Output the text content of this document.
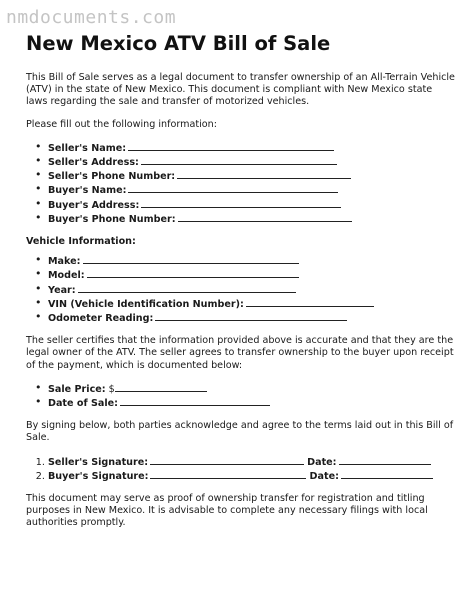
nmdocuments.com
New Mexico ATV Bill of Sale

This Bill of Sale serves as a legal document to transfer ownership of an All-Terrain Vehicle (ATV) in the state of New Mexico. This document is compliant with New Mexico state laws regarding the sale and transfer of motorized vehicles.

Please fill out the following information:

• Seller's Name:
• Seller's Address:
• Seller's Phone Number:
• Buyer's Name:
• Buyer's Address:
• Buyer's Phone Number:

Vehicle Information:

• Make:
• Model:
• Year:
• VIN (Vehicle Identification Number):
• Odometer Reading:

The seller certifies that the information provided above is accurate and that they are the legal owner of the ATV. The seller agrees to transfer ownership to the buyer upon receipt of the payment, which is documented below:

• Sale Price: $
• Date of Sale:

By signing below, both parties acknowledge and agree to the terms laid out in this Bill of Sale.

1. Seller's Signature:	Date:
2. Buyer's Signature:	Date:

This document may serve as proof of ownership transfer for registration and titling purposes in New Mexico. It is advisable to complete any necessary filings with local authorities promptly.
